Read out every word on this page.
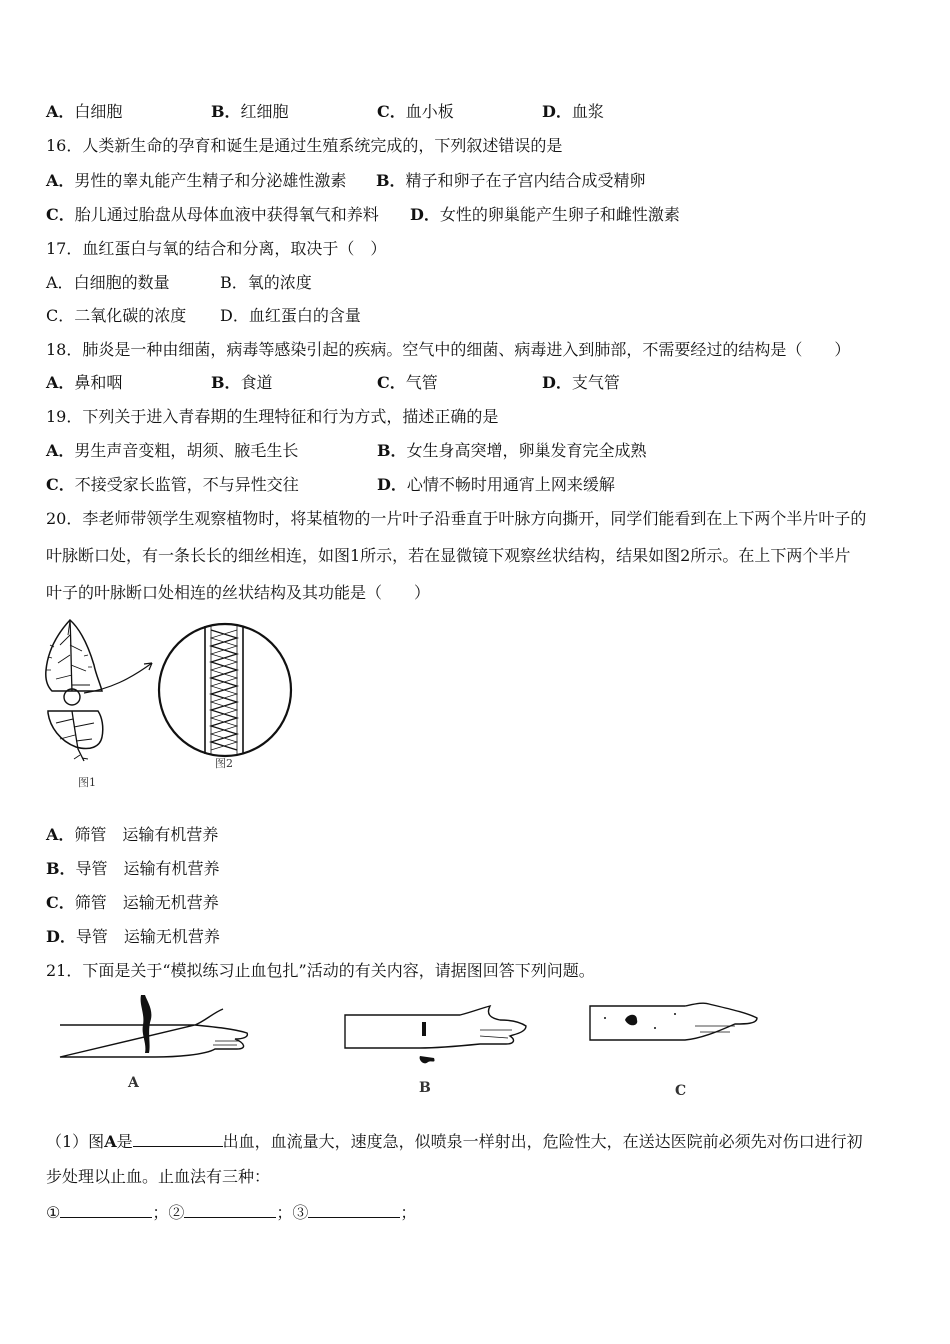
A．白细胞	B．红细胞	C．血小板	D．血浆
16．人类新生命的孕育和诞生是通过生殖系统完成的，下列叙述错误的是
A．男性的睾丸能产生精子和分泌雄性激素 B．精子和卵子在子宫内结合成受精卵
C．胎儿通过胎盘从母体血液中获得氧气和养料 D．女性的卵巢能产生卵子和雌性激素
17．血红蛋白与氧的结合和分离，取决于（　）
A．白细胞的数量	B．氧的浓度
C．二氧化碳的浓度 D．血红蛋白的含量
18．肺炎是一种由细菌，病毒等感染引起的疾病。空气中的细菌、病毒进入到肺部，不需要经过的结构是（　　）
A．鼻和咽	B．食道	C．气管	D．支气管
19．下列关于进入青春期的生理特征和行为方式，描述正确的是
A．男生声音变粗，胡须、腋毛生长	B．女生身高突增，卵巢发育完全成熟
C．不接受家长监管，不与异性交往	D．心情不畅时用通宵上网来缓解
20．李老师带领学生观察植物时，将某植物的一片叶子沿垂直于叶脉方向撕开，同学们能看到在上下两个半片叶子的
叶脉断口处，有一条长长的细丝相连，如图1所示，若在显微镜下观察丝状结构，结果如图2所示。在上下两个半片
叶子的叶脉断口处相连的丝状结构及其功能是（　　）
图1
图2
A．筛管　运输有机营养
B．导管　运输有机营养
C．筛管　运输无机营养
D．导管　运输无机营养
21．下面是关于“模拟练习止血包扎”活动的有关内容，请据图回答下列问题。
A	B	C
（1）图A是	出血，血流量大，速度急，似喷泉一样射出，危险性大，在送达医院前必须先对伤口进行初
步处理以止血。止血法有三种：
①	；②	；③	；
